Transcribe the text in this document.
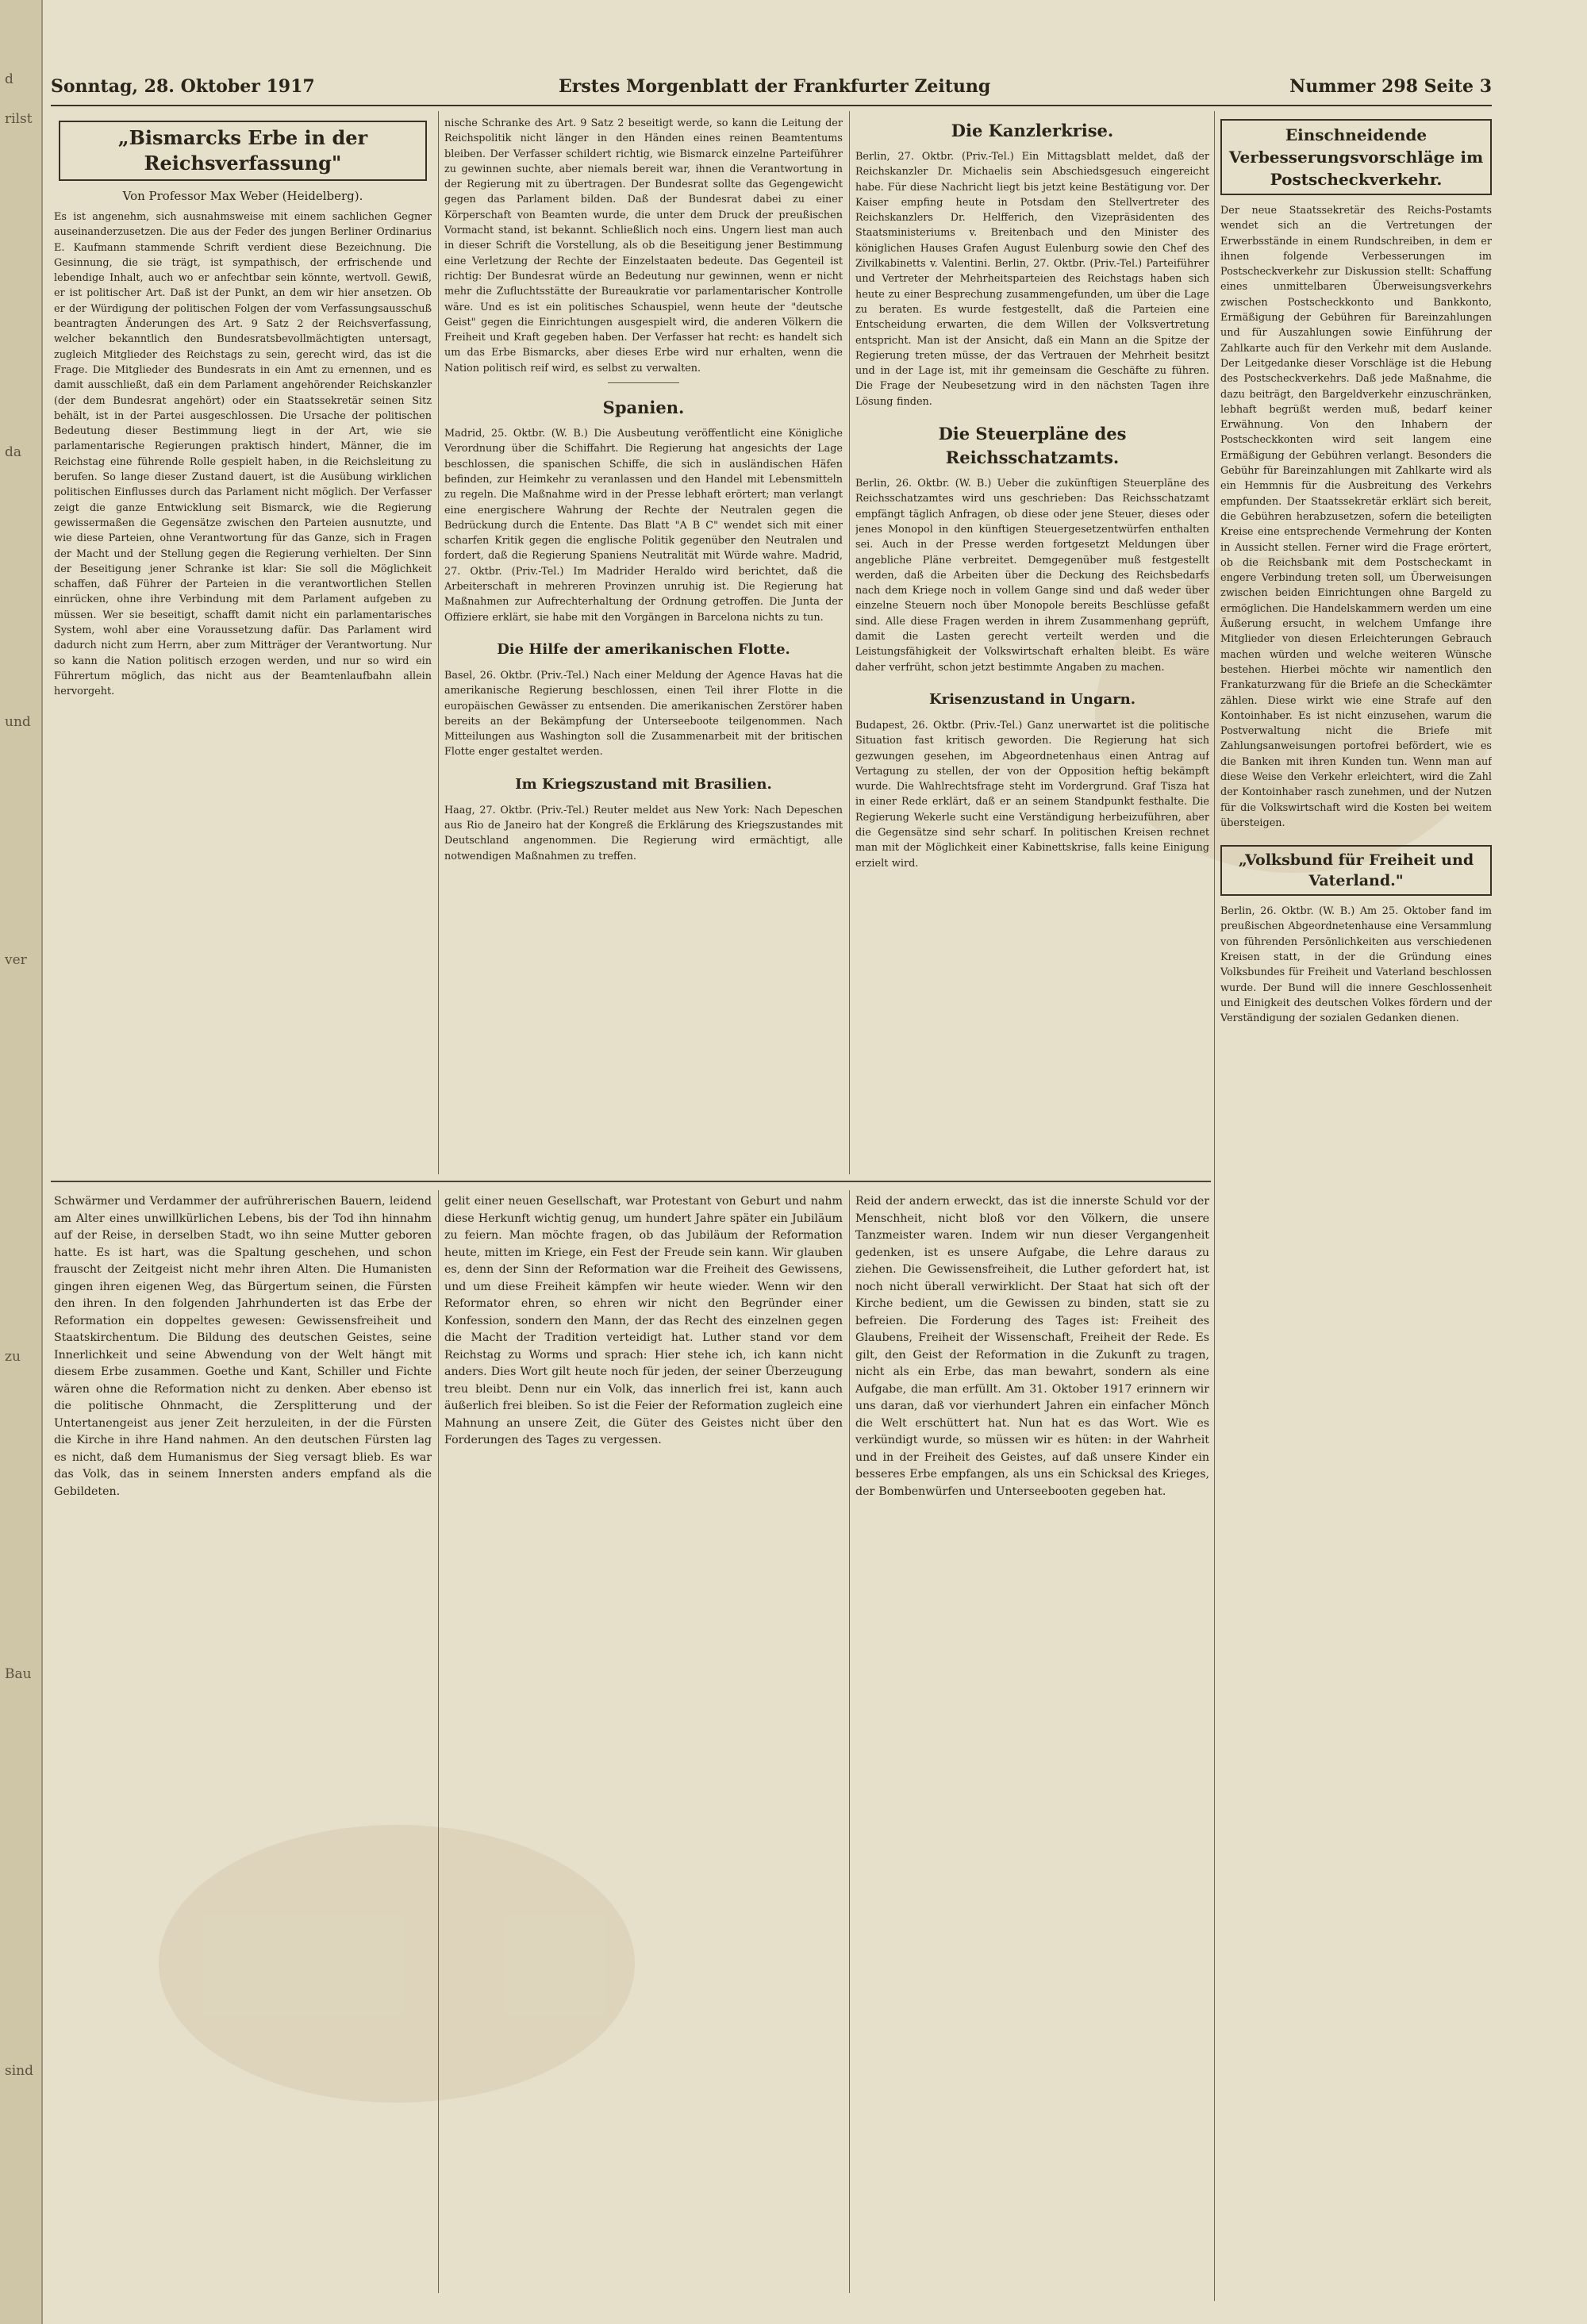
d
rilst
da
und
ver
zu
Bau
sind
Sonntag, 28. Oktober 1917	Erstes Morgenblatt der Frankfurter Zeitung	Nummer 298 Seite 3
„Bismarcks Erbe in der Reichsverfassung"
Von Professor Max Weber (Heidelberg).

Es ist angenehm, sich ausnahmsweise mit einem sachlichen Gegner auseinanderzusetzen. Die aus der Feder des jungen Berliner Ordinarius E. Kaufmann stammende Schrift verdient diese Bezeichnung. Die Gesinnung, die sie trägt, ist sympathisch, der erfrischende und lebendige Inhalt, auch wo er anfechtbar sein könnte, wertvoll. Gewiß, er ist politischer Art. Daß ist der Punkt, an dem wir hier ansetzen. Ob er der Würdigung der politischen Folgen der vom Verfassungsausschuß beantragten Änderungen des Art. 9 Satz 2 der Reichsverfassung, welcher bekanntlich den Bundesratsbevollmächtigten untersagt, zugleich Mitglieder des Reichstags zu sein, gerecht wird, das ist die Frage. Die Mitglieder des Bundesrats in ein Amt zu ernennen, und es damit ausschließt, daß ein dem Parlament angehörender Reichskanzler (der dem Bundesrat angehört) oder ein Staatssekretär seinen Sitz behält, ist in der Partei ausgeschlossen. Die Ursache der politischen Bedeutung dieser Bestimmung liegt in der Art, wie sie parlamentarische Regierungen praktisch hindert, Männer, die im Reichstag eine führende Rolle gespielt haben, in die Reichsleitung zu berufen. So lange dieser Zustand dauert, ist die Ausübung wirklichen politischen Einflusses durch das Parlament nicht möglich. Der Verfasser zeigt die ganze Entwicklung seit Bismarck, wie die Regierung gewissermaßen die Gegensätze zwischen den Parteien ausnutzte, und wie diese Parteien, ohne Verantwortung für das Ganze, sich in Fragen der Macht und der Stellung gegen die Regierung verhielten. Der Sinn der Beseitigung jener Schranke ist klar: Sie soll die Möglichkeit schaffen, daß Führer der Parteien in die verantwortlichen Stellen einrücken, ohne ihre Verbindung mit dem Parlament aufgeben zu müssen. Wer sie beseitigt, schafft damit nicht ein parlamentarisches System, wohl aber eine Voraussetzung dafür. Das Parlament wird dadurch nicht zum Herrn, aber zum Mitträger der Verantwortung. Nur so kann die Nation politisch erzogen werden, und nur so wird ein Führertum möglich, das nicht aus der Beamtenlaufbahn allein hervorgeht.

nische Schranke des Art. 9 Satz 2 beseitigt werde, so kann die Leitung der Reichspolitik nicht länger in den Händen eines reinen Beamtentums bleiben. Der Verfasser schildert richtig, wie Bismarck einzelne Parteiführer zu gewinnen suchte, aber niemals bereit war, ihnen die Verantwortung in der Regierung mit zu übertragen. Der Bundesrat sollte das Gegengewicht gegen das Parlament bilden. Daß der Bundesrat dabei zu einer Körperschaft von Beamten wurde, die unter dem Druck der preußischen Vormacht stand, ist bekannt. Schließlich noch eins. Ungern liest man auch in dieser Schrift die Vorstellung, als ob die Beseitigung jener Bestimmung eine Verletzung der Rechte der Einzelstaaten bedeute. Das Gegenteil ist richtig: Der Bundesrat würde an Bedeutung nur gewinnen, wenn er nicht mehr die Zufluchtsstätte der Bureaukratie vor parlamentarischer Kontrolle wäre. Und es ist ein politisches Schauspiel, wenn heute der "deutsche Geist" gegen die Einrichtungen ausgespielt wird, die anderen Völkern die Freiheit und Kraft gegeben haben. Der Verfasser hat recht: es handelt sich um das Erbe Bismarcks, aber dieses Erbe wird nur erhalten, wenn die Nation politisch reif wird, es selbst zu verwalten.

Spanien.

Madrid, 25. Oktbr. (W. B.) Die Ausbeutung veröffentlicht eine Königliche Verordnung über die Schiffahrt. Die Regierung hat angesichts der Lage beschlossen, die spanischen Schiffe, die sich in ausländischen Häfen befinden, zur Heimkehr zu veranlassen und den Handel mit Lebensmitteln zu regeln. Die Maßnahme wird in der Presse lebhaft erörtert; man verlangt eine energischere Wahrung der Rechte der Neutralen gegen die Bedrückung durch die Entente. Das Blatt "A B C" wendet sich mit einer scharfen Kritik gegen die englische Politik gegenüber den Neutralen und fordert, daß die Regierung Spaniens Neutralität mit Würde wahre. Madrid, 27. Oktbr. (Priv.-Tel.) Im Madrider Heraldo wird berichtet, daß die Arbeiterschaft in mehreren Provinzen unruhig ist. Die Regierung hat Maßnahmen zur Aufrechterhaltung der Ordnung getroffen. Die Junta der Offiziere erklärt, sie habe mit den Vorgängen in Barcelona nichts zu tun.

Die Hilfe der amerikanischen Flotte.

Basel, 26. Oktbr. (Priv.-Tel.) Nach einer Meldung der Agence Havas hat die amerikanische Regierung beschlossen, einen Teil ihrer Flotte in die europäischen Gewässer zu entsenden. Die amerikanischen Zerstörer haben bereits an der Bekämpfung der Unterseeboote teilgenommen. Nach Mitteilungen aus Washington soll die Zusammenarbeit mit der britischen Flotte enger gestaltet werden.

Im Kriegszustand mit Brasilien.

Haag, 27. Oktbr. (Priv.-Tel.) Reuter meldet aus New York: Nach Depeschen aus Rio de Janeiro hat der Kongreß die Erklärung des Kriegszustandes mit Deutschland angenommen. Die Regierung wird ermächtigt, alle notwendigen Maßnahmen zu treffen.

Die Kanzlerkrise.

Berlin, 27. Oktbr. (Priv.-Tel.) Ein Mittagsblatt meldet, daß der Reichskanzler Dr. Michaelis sein Abschiedsgesuch eingereicht habe. Für diese Nachricht liegt bis jetzt keine Bestätigung vor. Der Kaiser empfing heute in Potsdam den Stellvertreter des Reichskanzlers Dr. Helfferich, den Vizepräsidenten des Staatsministeriums v. Breitenbach und den Minister des königlichen Hauses Grafen August Eulenburg sowie den Chef des Zivilkabinetts v. Valentini. Berlin, 27. Oktbr. (Priv.-Tel.) Parteiführer und Vertreter der Mehrheitsparteien des Reichstags haben sich heute zu einer Besprechung zusammengefunden, um über die Lage zu beraten. Es wurde festgestellt, daß die Parteien eine Entscheidung erwarten, die dem Willen der Volksvertretung entspricht. Man ist der Ansicht, daß ein Mann an die Spitze der Regierung treten müsse, der das Vertrauen der Mehrheit besitzt und in der Lage ist, mit ihr gemeinsam die Geschäfte zu führen. Die Frage der Neubesetzung wird in den nächsten Tagen ihre Lösung finden.

Die Steuerpläne des Reichsschatzamts.

Berlin, 26. Oktbr. (W. B.) Ueber die zukünftigen Steuerpläne des Reichsschatzamtes wird uns geschrieben: Das Reichsschatzamt empfängt täglich Anfragen, ob diese oder jene Steuer, dieses oder jenes Monopol in den künftigen Steuergesetzentwürfen enthalten sei. Auch in der Presse werden fortgesetzt Meldungen über angebliche Pläne verbreitet. Demgegenüber muß festgestellt werden, daß die Arbeiten über die Deckung des Reichsbedarfs nach dem Kriege noch in vollem Gange sind und daß weder über einzelne Steuern noch über Monopole bereits Beschlüsse gefaßt sind. Alle diese Fragen werden in ihrem Zusammenhang geprüft, damit die Lasten gerecht verteilt werden und die Leistungsfähigkeit der Volkswirtschaft erhalten bleibt. Es wäre daher verfrüht, schon jetzt bestimmte Angaben zu machen.

Krisenzustand in Ungarn.

Budapest, 26. Oktbr. (Priv.-Tel.) Ganz unerwartet ist die politische Situation fast kritisch geworden. Die Regierung hat sich gezwungen gesehen, im Abgeordnetenhaus einen Antrag auf Vertagung zu stellen, der von der Opposition heftig bekämpft wurde. Die Wahlrechtsfrage steht im Vordergrund. Graf Tisza hat in einer Rede erklärt, daß er an seinem Standpunkt festhalte. Die Regierung Wekerle sucht eine Verständigung herbeizuführen, aber die Gegensätze sind sehr scharf. In politischen Kreisen rechnet man mit der Möglichkeit einer Kabinettskrise, falls keine Einigung erzielt wird.

Einschneidende Verbesserungsvorschläge im Postscheckverkehr.

Der neue Staatssekretär des Reichs-Postamts wendet sich an die Vertretungen der Erwerbsstände in einem Rundschreiben, in dem er ihnen folgende Verbesserungen im Postscheckverkehr zur Diskussion stellt: Schaffung eines unmittelbaren Überweisungsverkehrs zwischen Postscheckkonto und Bankkonto, Ermäßigung der Gebühren für Bareinzahlungen und für Auszahlungen sowie Einführung der Zahlkarte auch für den Verkehr mit dem Auslande. Der Leitgedanke dieser Vorschläge ist die Hebung des Postscheckverkehrs. Daß jede Maßnahme, die dazu beiträgt, den Bargeldverkehr einzuschränken, lebhaft begrüßt werden muß, bedarf keiner Erwähnung. Von den Inhabern der Postscheckkonten wird seit langem eine Ermäßigung der Gebühren verlangt. Besonders die Gebühr für Bareinzahlungen mit Zahlkarte wird als ein Hemmnis für die Ausbreitung des Verkehrs empfunden. Der Staatssekretär erklärt sich bereit, die Gebühren herabzusetzen, sofern die beteiligten Kreise eine entsprechende Vermehrung der Konten in Aussicht stellen. Ferner wird die Frage erörtert, ob die Reichsbank mit dem Postscheckamt in engere Verbindung treten soll, um Überweisungen zwischen beiden Einrichtungen ohne Bargeld zu ermöglichen. Die Handelskammern werden um eine Äußerung ersucht, in welchem Umfange ihre Mitglieder von diesen Erleichterungen Gebrauch machen würden und welche weiteren Wünsche bestehen. Hierbei möchte wir namentlich den Frankaturzwang für die Briefe an die Scheckämter zählen. Diese wirkt wie eine Strafe auf den Kontoinhaber. Es ist nicht einzusehen, warum die Postverwaltung nicht die Briefe mit Zahlungsanweisungen portofrei befördert, wie es die Banken mit ihren Kunden tun. Wenn man auf diese Weise den Verkehr erleichtert, wird die Zahl der Kontoinhaber rasch zunehmen, und der Nutzen für die Volkswirtschaft wird die Kosten bei weitem übersteigen.

„Volksbund für Freiheit und Vaterland."

Berlin, 26. Oktbr. (W. B.) Am 25. Oktober fand im preußischen Abgeordnetenhause eine Versammlung von führenden Persönlichkeiten aus verschiedenen Kreisen statt, in der die Gründung eines Volksbundes für Freiheit und Vaterland beschlossen wurde. Der Bund will die innere Geschlossenheit und Einigkeit des deutschen Volkes fördern und der Verständigung der sozialen Gedanken dienen.

Schwärmer und Verdammer der aufrührerischen Bauern, leidend am Alter eines unwillkürlichen Lebens, bis der Tod ihn hinnahm auf der Reise, in derselben Stadt, wo ihn seine Mutter geboren hatte. Es ist hart, was die Spaltung geschehen, und schon frauscht der Zeitgeist nicht mehr ihren Alten. Die Humanisten gingen ihren eigenen Weg, das Bürgertum seinen, die Fürsten den ihren. In den folgenden Jahrhunderten ist das Erbe der Reformation ein doppeltes gewesen: Gewissensfreiheit und Staatskirchentum. Die Bildung des deutschen Geistes, seine Innerlichkeit und seine Abwendung von der Welt hängt mit diesem Erbe zusammen. Goethe und Kant, Schiller und Fichte wären ohne die Reformation nicht zu denken. Aber ebenso ist die politische Ohnmacht, die Zersplitterung und der Untertanengeist aus jener Zeit herzuleiten, in der die Fürsten die Kirche in ihre Hand nahmen. An den deutschen Fürsten lag es nicht, daß dem Humanismus der Sieg versagt blieb. Es war das Volk, das in seinem Innersten anders empfand als die Gebildeten.

gelit einer neuen Gesellschaft, war Protestant von Geburt und nahm diese Herkunft wichtig genug, um hundert Jahre später ein Jubiläum zu feiern. Man möchte fragen, ob das Jubiläum der Reformation heute, mitten im Kriege, ein Fest der Freude sein kann. Wir glauben es, denn der Sinn der Reformation war die Freiheit des Gewissens, und um diese Freiheit kämpfen wir heute wieder. Wenn wir den Reformator ehren, so ehren wir nicht den Begründer einer Konfession, sondern den Mann, der das Recht des einzelnen gegen die Macht der Tradition verteidigt hat. Luther stand vor dem Reichstag zu Worms und sprach: Hier stehe ich, ich kann nicht anders. Dies Wort gilt heute noch für jeden, der seiner Überzeugung treu bleibt. Denn nur ein Volk, das innerlich frei ist, kann auch äußerlich frei bleiben. So ist die Feier der Reformation zugleich eine Mahnung an unsere Zeit, die Güter des Geistes nicht über den Forderungen des Tages zu vergessen.

Reid der andern erweckt, das ist die innerste Schuld vor der Menschheit, nicht bloß vor den Völkern, die unsere Tanzmeister waren. Indem wir nun dieser Vergangenheit gedenken, ist es unsere Aufgabe, die Lehre daraus zu ziehen. Die Gewissensfreiheit, die Luther gefordert hat, ist noch nicht überall verwirklicht. Der Staat hat sich oft der Kirche bedient, um die Gewissen zu binden, statt sie zu befreien. Die Forderung des Tages ist: Freiheit des Glaubens, Freiheit der Wissenschaft, Freiheit der Rede. Es gilt, den Geist der Reformation in die Zukunft zu tragen, nicht als ein Erbe, das man bewahrt, sondern als eine Aufgabe, die man erfüllt. Am 31. Oktober 1917 erinnern wir uns daran, daß vor vierhundert Jahren ein einfacher Mönch die Welt erschüttert hat. Nun hat es das Wort. Wie es verkündigt wurde, so müssen wir es hüten: in der Wahrheit und in der Freiheit des Geistes, auf daß unsere Kinder ein besseres Erbe empfangen, als uns ein Schicksal des Krieges, der Bombenwürfen und Unterseebooten gegeben hat.
